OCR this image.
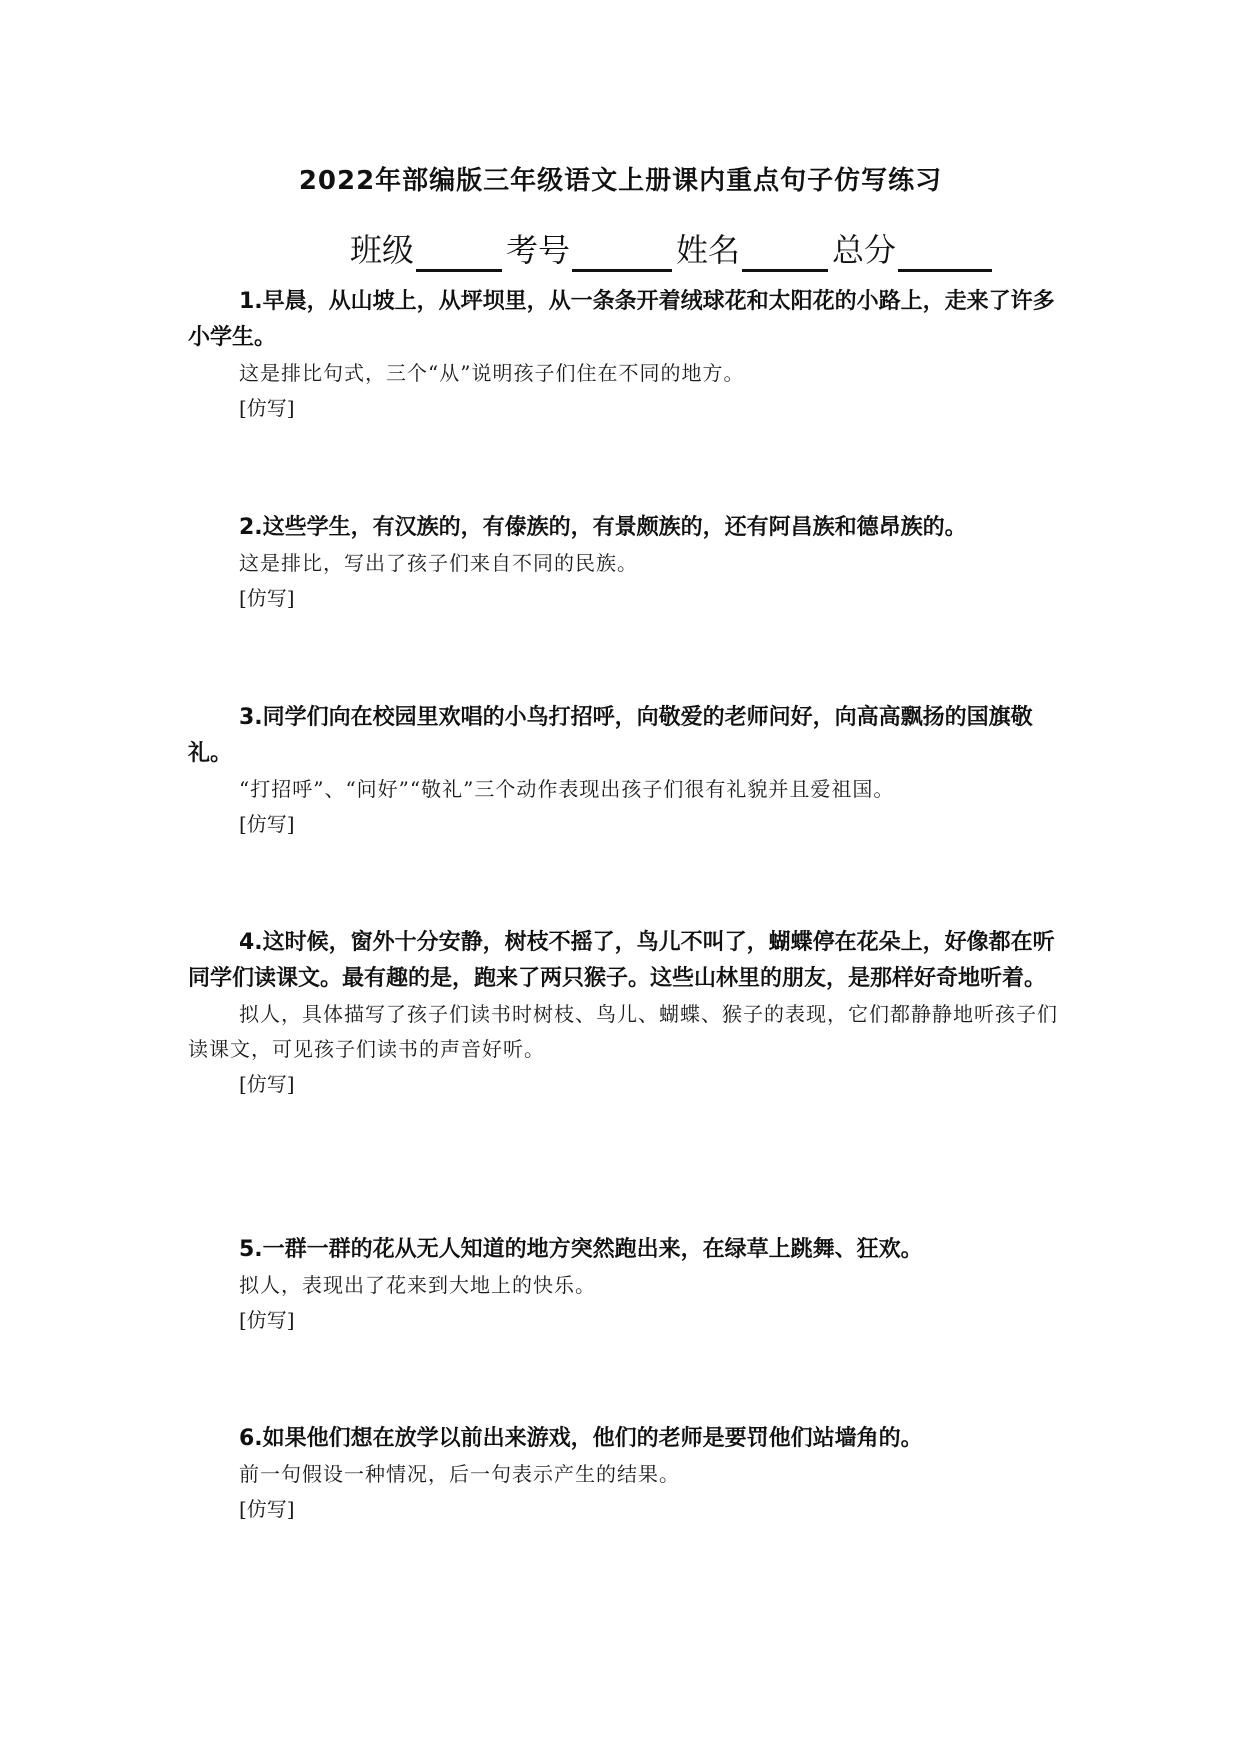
2022年部编版三年级语文上册课内重点句子仿写练习
班级	考号	姓名	总分

1.早晨，从山坡上，从坪坝里，从一条条开着绒球花和太阳花的小路上，走来了许多小学生。

这是排比句式，三个“从”说明孩子们住在不同的地方。

[仿写]

2.这些学生，有汉族的，有傣族的，有景颇族的，还有阿昌族和德昂族的。

这是排比，写出了孩子们来自不同的民族。

[仿写]

3.同学们向在校园里欢唱的小鸟打招呼，向敬爱的老师问好，向高高飘扬的国旗敬礼。

“打招呼”、“问好”“敬礼”三个动作表现出孩子们很有礼貌并且爱祖国。

[仿写]

4.这时候，窗外十分安静，树枝不摇了，鸟儿不叫了，蝴蝶停在花朵上，好像都在听同学们读课文。最有趣的是，跑来了两只猴子。这些山林里的朋友，是那样好奇地听着。

拟人，具体描写了孩子们读书时树枝、鸟儿、蝴蝶、猴子的表现，它们都静静地听孩子们读课文，可见孩子们读书的声音好听。

[仿写]

5.一群一群的花从无人知道的地方突然跑出来，在绿草上跳舞、狂欢。

拟人，表现出了花来到大地上的快乐。

[仿写]

6.如果他们想在放学以前出来游戏，他们的老师是要罚他们站墙角的。

前一句假设一种情况，后一句表示产生的结果。

[仿写]
